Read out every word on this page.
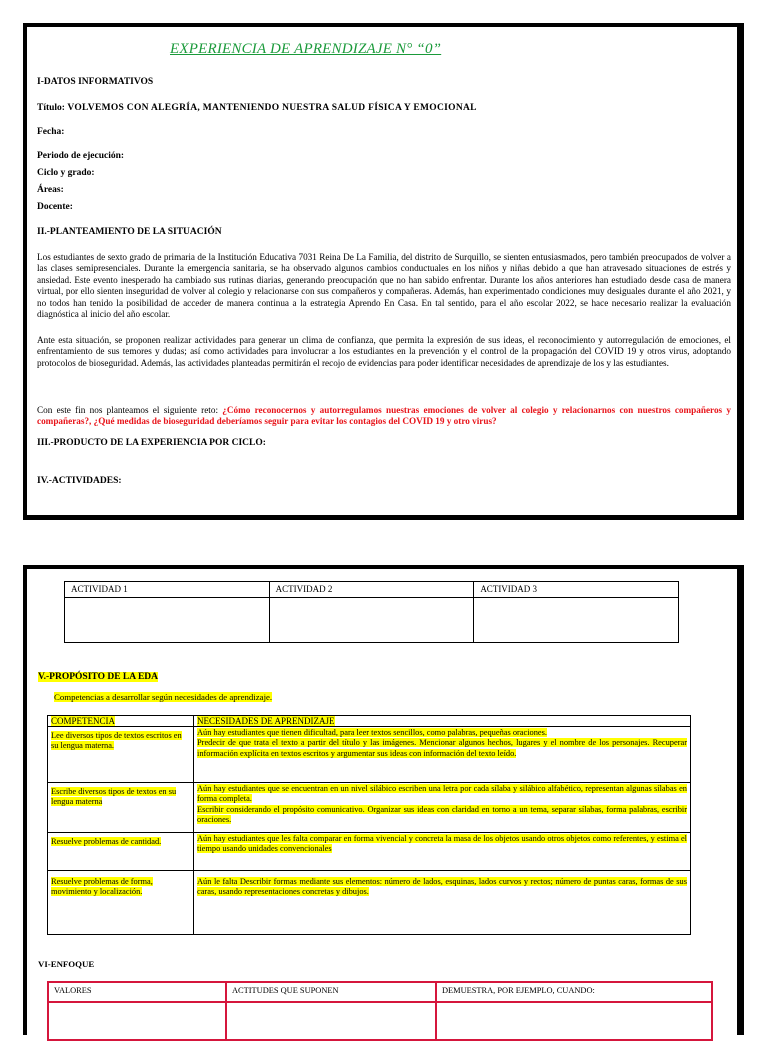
EXPERIENCIA DE APRENDIZAJE N° “0”
I-DATOS INFORMATIVOS
Título: VOLVEMOS CON ALEGRÍA, MANTENIENDO NUESTRA SALUD FÍSICA Y EMOCIONAL
Fecha:
Periodo de ejecución:
Ciclo y grado:
Áreas:
Docente:
II.-PLANTEAMIENTO DE LA SITUACIÓN
Los estudiantes de sexto grado de primaria de la Institución Educativa 7031 Reina De La Familia, del distrito de Surquillo, se sienten entusiasmados, pero también preocupados de volver a las clases semipresenciales. Durante la emergencia sanitaria, se ha observado algunos cambios conductuales en los niños y niñas debido a que han atravesado situaciones de estrés y ansiedad. Este evento inesperado ha cambiado sus rutinas diarias, generando preocupación que no han sabido enfrentar. Durante los años anteriores han estudiado desde casa de manera virtual, por ello sienten inseguridad de volver al colegio y relacionarse con sus compañeros y compañeras. Además, han experimentado condiciones muy desiguales durante el año 2021, y no todos han tenido la posibilidad de acceder de manera continua a la estrategia Aprendo En Casa. En tal sentido, para el año escolar 2022, se hace necesario realizar la evaluación diagnóstica al inicio del año escolar.
Ante esta situación, se proponen realizar actividades para generar un clima de confianza, que permita la expresión de sus ideas, el reconocimiento y autorregulación de emociones, el enfrentamiento de sus temores y dudas; así como actividades para involucrar a los estudiantes en la prevención y el control de la propagación del COVID 19 y otros virus, adoptando protocolos de bioseguridad. Además, las actividades planteadas permitirán el recojo de evidencias para poder identificar necesidades de aprendizaje de los y las estudiantes.
Con este fin nos planteamos el siguiente reto: ¿Cómo reconocernos y autorregulamos nuestras emociones de volver al colegio y relacionarnos con nuestros compañeros y compañeras?, ¿Qué medidas de bioseguridad deberíamos seguir para evitar los contagios del COVID 19 y otro virus?
III.-PRODUCTO DE LA EXPERIENCIA POR CICLO:
IV.-ACTIVIDADES:
ACTIVIDAD 1	ACTIVIDAD 2	ACTIVIDAD 3

V.-PROPÓSITO DE LA EDA
Competencias a desarrollar según necesidades de aprendizaje.
COMPETENCIA	NECESIDADES DE APRENDIZAJE
Lee diversos tipos de textos escritos en su lengua materna.	Aún hay estudiantes que tienen dificultad, para leer textos sencillos, como palabras, pequeñas oraciones.
Predecir de que trata el texto a partir del título y las imágenes. Mencionar algunos hechos, lugares y el nombre de los personajes. Recuperar información explícita en textos escritos y argumentar sus ideas con información del texto leído.
Escribe diversos tipos de textos en su lengua materna	Aún hay estudiantes que se encuentran en un nivel silábico escriben una letra por cada sílaba y silábico alfabético, representan algunas sílabas en forma completa.
Escribir considerando el propósito comunicativo. Organizar sus ideas con claridad en torno a un tema, separar sílabas, forma palabras, escribir oraciones.
Resuelve problemas de cantidad.	Aún hay estudiantes que les falta comparar en forma vivencial y concreta la masa de los objetos usando otros objetos como referentes, y estima el tiempo usando unidades convencionales
Resuelve problemas de forma, movimiento y localización.	Aún le falta Describir formas mediante sus elementos: número de lados, esquinas, lados curvos y rectos; número de puntas caras, formas de sus caras, usando representaciones concretas y dibujos.
VI-ENFOQUE
VALORES	ACTITUDES QUE SUPONEN	DEMUESTRA, POR EJEMPLO, CUANDO:
